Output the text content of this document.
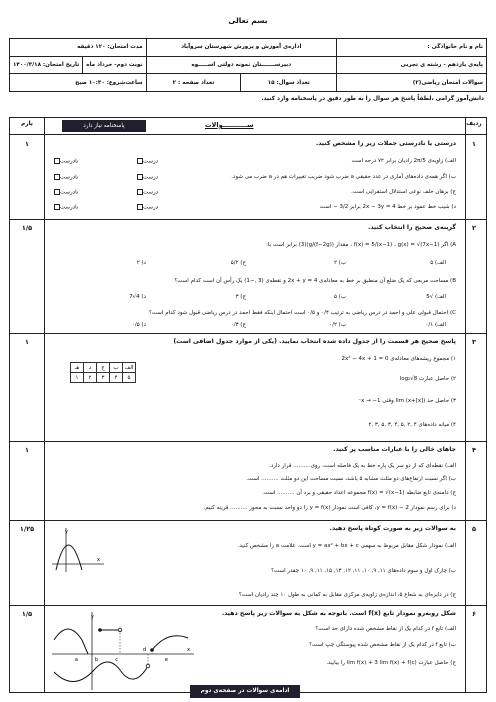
بسم تعالی
نام و نام خانوادگی :	اداره‌ی آموزش و پرورش شهرستان سروآباد		مدت امتحان: ۱۲۰ دقیقه	
پایه‌ی یازدهم - رشته ی تجربی	دبیرســـــــتان نمونه دولتی اســـــوه		نوبت دوم- خرداد ماه	تاریخ امتحان: ۱۴۰۰/۳/۱۸
سوالات امتحان ریاضی(۲)	تعداد سوال: ۱۵	تعداد صفحه : ۲	ساعت‌شروع: ۱۰:۳۰ صبح	
دانش‌آموز گرامی ،لطفاً پاسخ هر سوال را به طور دقیق در پاسخنامه وارد کنید.
ردیف
ســـــــــــوالات
پاسخنامه نیاز دارد
بارم
۱
۱	درستی یا نادرستی جملات زیر را مشخص کنید.
الف) زاویه‌ی 2π/5 رادیان برابر ۷۲ درجه است
ب) اگر همه‌ی داده‌های آماری در عدد حقیقی a ضرب شود ضریب تغییرات هم در a ضرب می شود.
ج) برهان خلف نوعی استدلال استقرایی است.
د) شیب خط عمود بر خط 2x − 3y = 4 برابر 3/2 − است
درست
نادرست
درست
نادرست
درست
نادرست
درست
نادرست
۲
۱/۵	گزینه‌ی صحیح را انتخاب کنید.
A) اگر f(x) = 5/(x−1) ، g(x) = √(7x−1) ، مقدار ((f−2g)/g)(3) برابر است با:
الف) ۵
ب) ۲
ج) ۵/۲
د) ۲
B) مساحت مربعی که یک ضلع آن منطبق بر خط به معادله‌ی 2x + y = 4 و نقطه‌ی (3 ,−1) یک رأس آن است کدام است؟
الف) √5
ب) ۵
ج) ۳
د) 4√7
C) احتمال قبولی علی و احمد در درس ریاضی به ترتیب ۰/۴ و ۰/۵ است احتمال اینکه فقط احمد در درس ریاضی قبول شود کدام است؟
الف) ۰/۱
ب) ۰/۲
ج) ۰/۳
د) ۰/۵
۳
۱	پاسخ صحیح هر قسمت را از جدول داده شده انتخاب نمایید. (یکی از موارد جدول اضافی است)
۱) مجموع ریشه‌های معادله‌ی 2x² − 4x + 1 = 0
۲) حاصل عبارت log₂√8
۳) حاصل حد lim (x+[x]) وقتی x → −1⁻
۴) میانه داده‌های ۴ ,۲ ,۵ ,۴ ,۳ ,۵ ,۳ ,۲
الف	ب	ج	د	هـ
۵	۴	۳	۲	۱
۴
۱	جاهای خالی را با عبارات مناسب پر کنید.
الف) نقطه‌ای که از دو سر یک پاره خط به یک فاصله است، روی.......... قرار دارد.
ب) اگر نسبت ارتفاع‌های دو مثلث مشابه ۵ باشد، نسبت مساحت این دو مثلث .......... است.
ج) دامنه‌ی تابع ضابطه f(x) = √(x−1) مجموعه اعداد حقیقی و برد آن .......... است.
د) برای رسم نمودار y = f(x) − 2، کافی است نمودار y = f(x) را دو واحد نسبت به محور .......... قرینه کنیم.
۵
۱/۲۵	به سوالات زیر به صورت کوتاه پاسخ دهید.
الف) نمودار شکل مقابل مربوط به سهمی y = ax² + bx + c است. علامت a را مشخص کنید.
ب) چارک اول و سوم داده‌های ۱۱, ۹, ۱۰, ۱۱, ۱۲, ۱۳, ۱۵, ۱۱, ۹, ۱۰ چقدر است؟
ج) در دایره‌ای به شعاع ۵، اندازه‌ی زاویه‌ی مرکزی مقابل به کمانی به طول ۱۰ چند رادیان است؟
y
x
۶
۱/۵	شکل روبه‌رو نمودار تابع f(x) است. باتوجه به شکل به سوالات زیر پاسخ دهید.
الف) تابع f در کدام یک از نقاط مشخص شده دارای حد است؟
ب) تابع f در کدام یک از نقاط مشخص شده پیوستگی چپ است؟
ج) حاصل عبارت lim f(x) + 3 lim f(x) + f(c) را بیابید.
y
x
a	b	c
d
e
ادامه‌ی سوالات در صفحه‌ی دوم
